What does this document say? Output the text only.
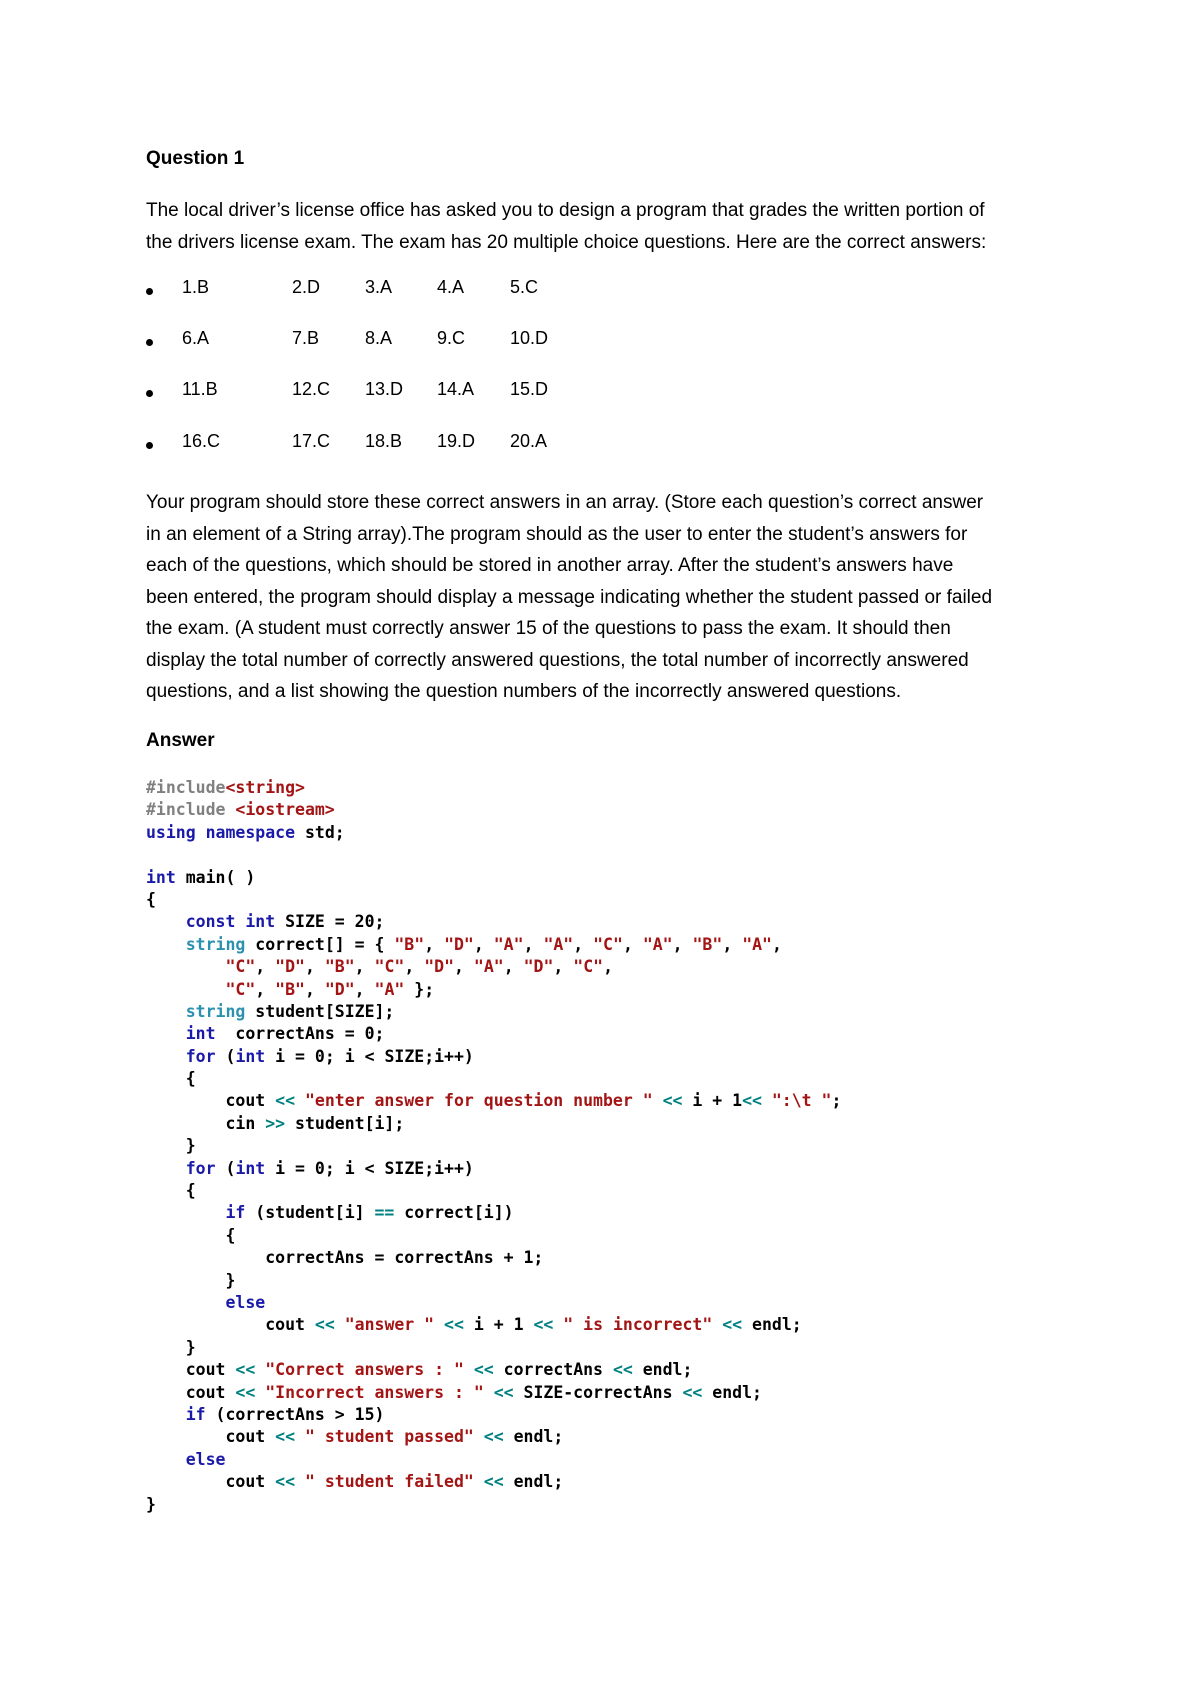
Question 1
The local driver’s license office has asked you to design a program that grades the written portion of
the drivers license exam. The exam has 20 multiple choice questions. Here are the correct answers:
1.B	2.D 3.A 4.A	5.C
6.A	7.B	8.A 9.C 10.D
11.B	12.C 13.D 14.A 15.D
16.C	17.C 18.B 19.D 20.A
Your program should store these correct answers in an array. (Store each question’s correct answer
in an element of a String array).The program should as the user to enter the student’s answers for
each of the questions, which should be stored in another array. After the student’s answers have
been entered, the program should display a message indicating whether the student passed or failed
the exam. (A student must correctly answer 15 of the questions to pass the exam. It should then
display the total number of correctly answered questions, the total number of incorrectly answered
questions, and a list showing the question numbers of the incorrectly answered questions.
Answer
#include<string>
#include <iostream>
using namespace std;

int main( )
{
const int SIZE = 20;
string correct[] = { "B", "D", "A", "A", "C", "A", "B", "A",
"C", "D", "B", "C", "D", "A", "D", "C",
"C", "B", "D", "A" };
string student[SIZE];
int  correctAns = 0;
for (int i = 0; i < SIZE;i++)
{
cout << "enter answer for question number " << i + 1<< ":\t ";
cin >> student[i];
}
for (int i = 0; i < SIZE;i++)
{
if (student[i] == correct[i])
{
correctAns = correctAns + 1;
}
else
cout << "answer " << i + 1 << " is incorrect" << endl;
}
cout << "Correct answers : " << correctAns << endl;
cout << "Incorrect answers : " << SIZE-correctAns << endl;
if (correctAns > 15)
cout << " student passed" << endl;
else
cout << " student failed" << endl;
}
